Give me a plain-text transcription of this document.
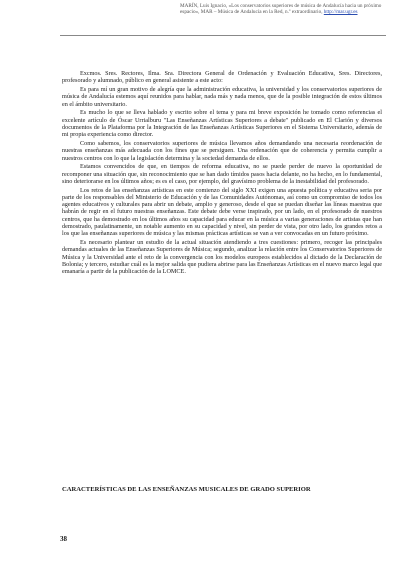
MARÍN, Luis Ignacio, «Los conservatorios superiores de música de Andalucía hacia un próximo espacio», MAR – Música de Andalucía en la Red, n.º extraordinario, http://mar.ugr.es

Excmos. Sres. Rectores, Ilma. Sra. Directora General de Ordenación y Evaluación Educativa, Sres. Directores, profesorado y alumnado, público en general asistente a este acto:

Es para mí un gran motivo de alegría que la administración educativa, la universidad y los conservatorios superiores de música de Andalucía estemos aquí reunidos para hablar, nada más y nada menos, que de la posible integración de estos últimos en el ámbito universitario.

Es mucho lo que se lleva hablado y escrito sobre el tema y para mi breve exposición he tomado como referencias el excelente artículo de Óscar Urrialburu "Las Enseñanzas Artísticas Superiores a debate" publicado en El Clarión y diversos documentos de la Plataforma por la Integración de las Enseñanzas Artísticas Superiores en el Sistema Universitario, además de mi propia experiencia como director.

Como sabemos, los conservatorios superiores de música llevamos años demandando una necesaria reordenación de nuestras enseñanzas más adecuada con los fines que se persiguen. Una ordenación que de coherencia y permita cumplir a nuestros centros con lo que la legislación determina y la sociedad demanda de ellos.

Estamos convencidos de que, en tiempos de reforma educativa, no se puede perder de nuevo la oportunidad de recomponer una situación que, sin reconocimiento que se han dado tímidos pasos hacia delante, no ha hecho, en lo fundamental, sino deteriorarse en los últimos años; es es el caso, por ejemplo, del gravísimo problema de la inestabilidad del profesorado.

Los retos de las enseñanzas artísticas en este comienzo del siglo XXI exigen una apuesta política y educativa seria por parte de los responsables del Ministerio de Educación y de las Comunidades Autónomas, así como un compromiso de todos los agentes educativos y culturales para abrir un debate, amplio y generoso, desde el que se puedan diseñar las líneas maestras que habrán de regir en el futuro nuestras enseñanzas. Este debate debe verse inspirado, por un lado, en el profesorado de nuestros centros, que ha demostrado en los últimos años su capacidad para educar en la música a varias generaciones de artistas que han demostrado, paulatinamente, un notable aumento en su capacidad y nivel, sin perder de vista, por otro lado, los grandes retos a los que las enseñanzas superiores de música y las mismas prácticas artísticas se van a ver convocadas en un futuro próximo.

Es necesario plantear un estudio de la actual situación atendiendo a tres cuestiones: primero, recoger las principales demandas actuales de las Enseñanzas Superiores de Música; segundo, analizar la relación entre los Conservatorios Superiores de Música y la Universidad ante el reto de la convergencia con los modelos europeos establecidos al dictado de la Declaración de Bolonia; y tercero, estudiar cuál es la mejor salida que pudiera abrirse para las Enseñanzas Artísticas en el nuevo marco legal que emanaría a partir de la publicación de la LOMCE.

CARACTERÍSTICAS DE LAS ENSEÑANZAS MUSICALES DE GRADO SUPERIOR
38
